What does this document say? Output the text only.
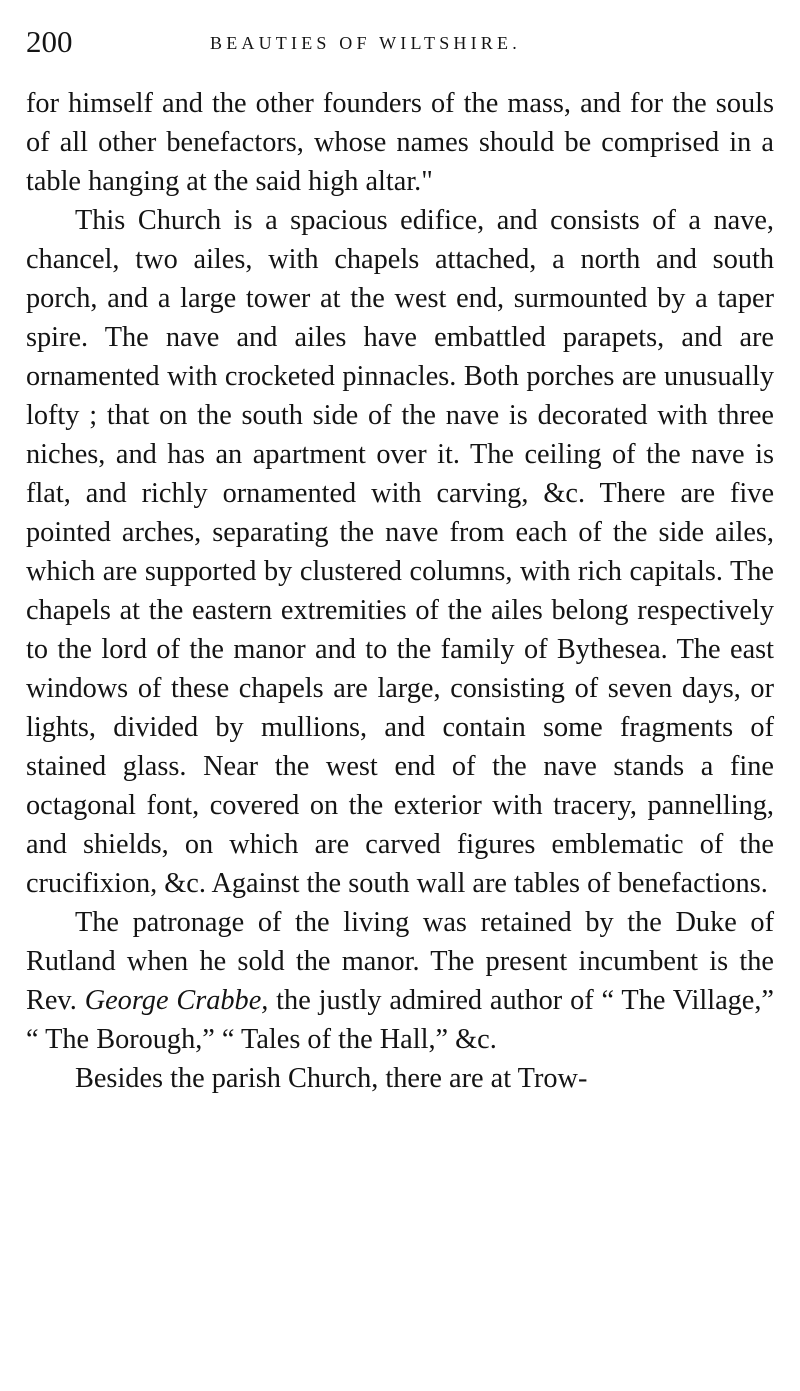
200	BEAUTIES OF WILTSHIRE.

for himself and the other founders of the mass, and for the souls of all other benefactors, whose names should be comprised in a table hanging at the said high altar."

This Church is a spacious edifice, and consists of a nave, chancel, two ailes, with chapels attached, a north and south porch, and a large tower at the west end, surmounted by a taper spire. The nave and ailes have embattled parapets, and are ornamented with crocketed pinnacles. Both porches are unusually lofty ; that on the south side of the nave is decorated with three niches, and has an apartment over it. The ceiling of the nave is flat, and richly ornamented with carving, &c. There are five pointed arches, separating the nave from each of the side ailes, which are supported by clustered columns, with rich capitals. The chapels at the eastern extremities of the ailes belong respectively to the lord of the manor and to the family of Bythesea. The east windows of these chapels are large, consisting of seven days, or lights, divided by mullions, and contain some fragments of stained glass. Near the west end of the nave stands a fine octagonal font, covered on the exterior with tracery, pannelling, and shields, on which are carved figures emblematic of the crucifixion, &c. Against the south wall are tables of benefactions.

The patronage of the living was retained by the Duke of Rutland when he sold the manor. The present incumbent is the Rev. George Crabbe, the justly admired author of “ The Village,” “ The Borough,” “ Tales of the Hall,” &c.

Besides the parish Church, there are at Trow-
